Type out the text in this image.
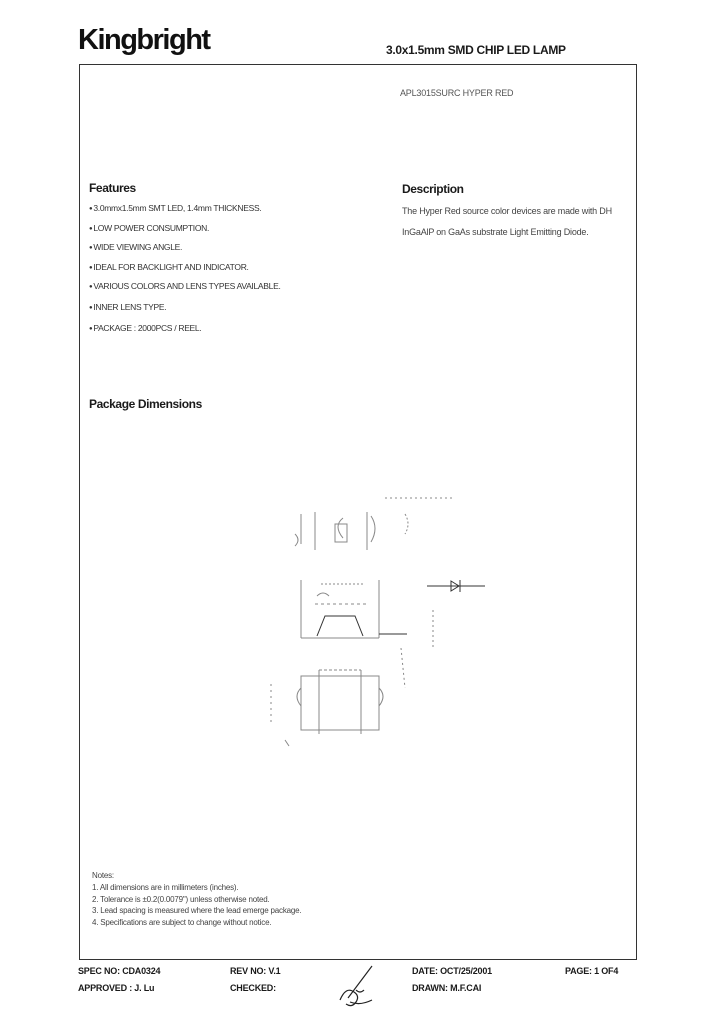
Kingbright	3.0x1.5mm SMD CHIP LED LAMP
APL3015SURC HYPER RED
Features
● 3.0mmx1.5mm SMT LED, 1.4mm THICKNESS.
● LOW POWER CONSUMPTION.
● WIDE VIEWING ANGLE.
● IDEAL FOR BACKLIGHT AND INDICATOR.
● VARIOUS COLORS AND LENS TYPES AVAILABLE.
● INNER LENS TYPE.
● PACKAGE : 2000PCS / REEL.
Description
The Hyper Red source color devices are made with DH
InGaAlP on GaAs substrate Light Emitting Diode.
Package Dimensions
Notes:
1. All dimensions are in millimeters (inches).
2. Tolerance is ±0.2(0.0079") unless otherwise noted.
3. Lead spacing is measured where the lead emerge package.
4. Specifications are subject to change without notice.
SPEC NO: CDA0324	REV NO: V.1	DATE: OCT/25/2001	PAGE: 1 OF4
APPROVED : J. Lu	CHECKED:	DRAWN: M.F.CAI
